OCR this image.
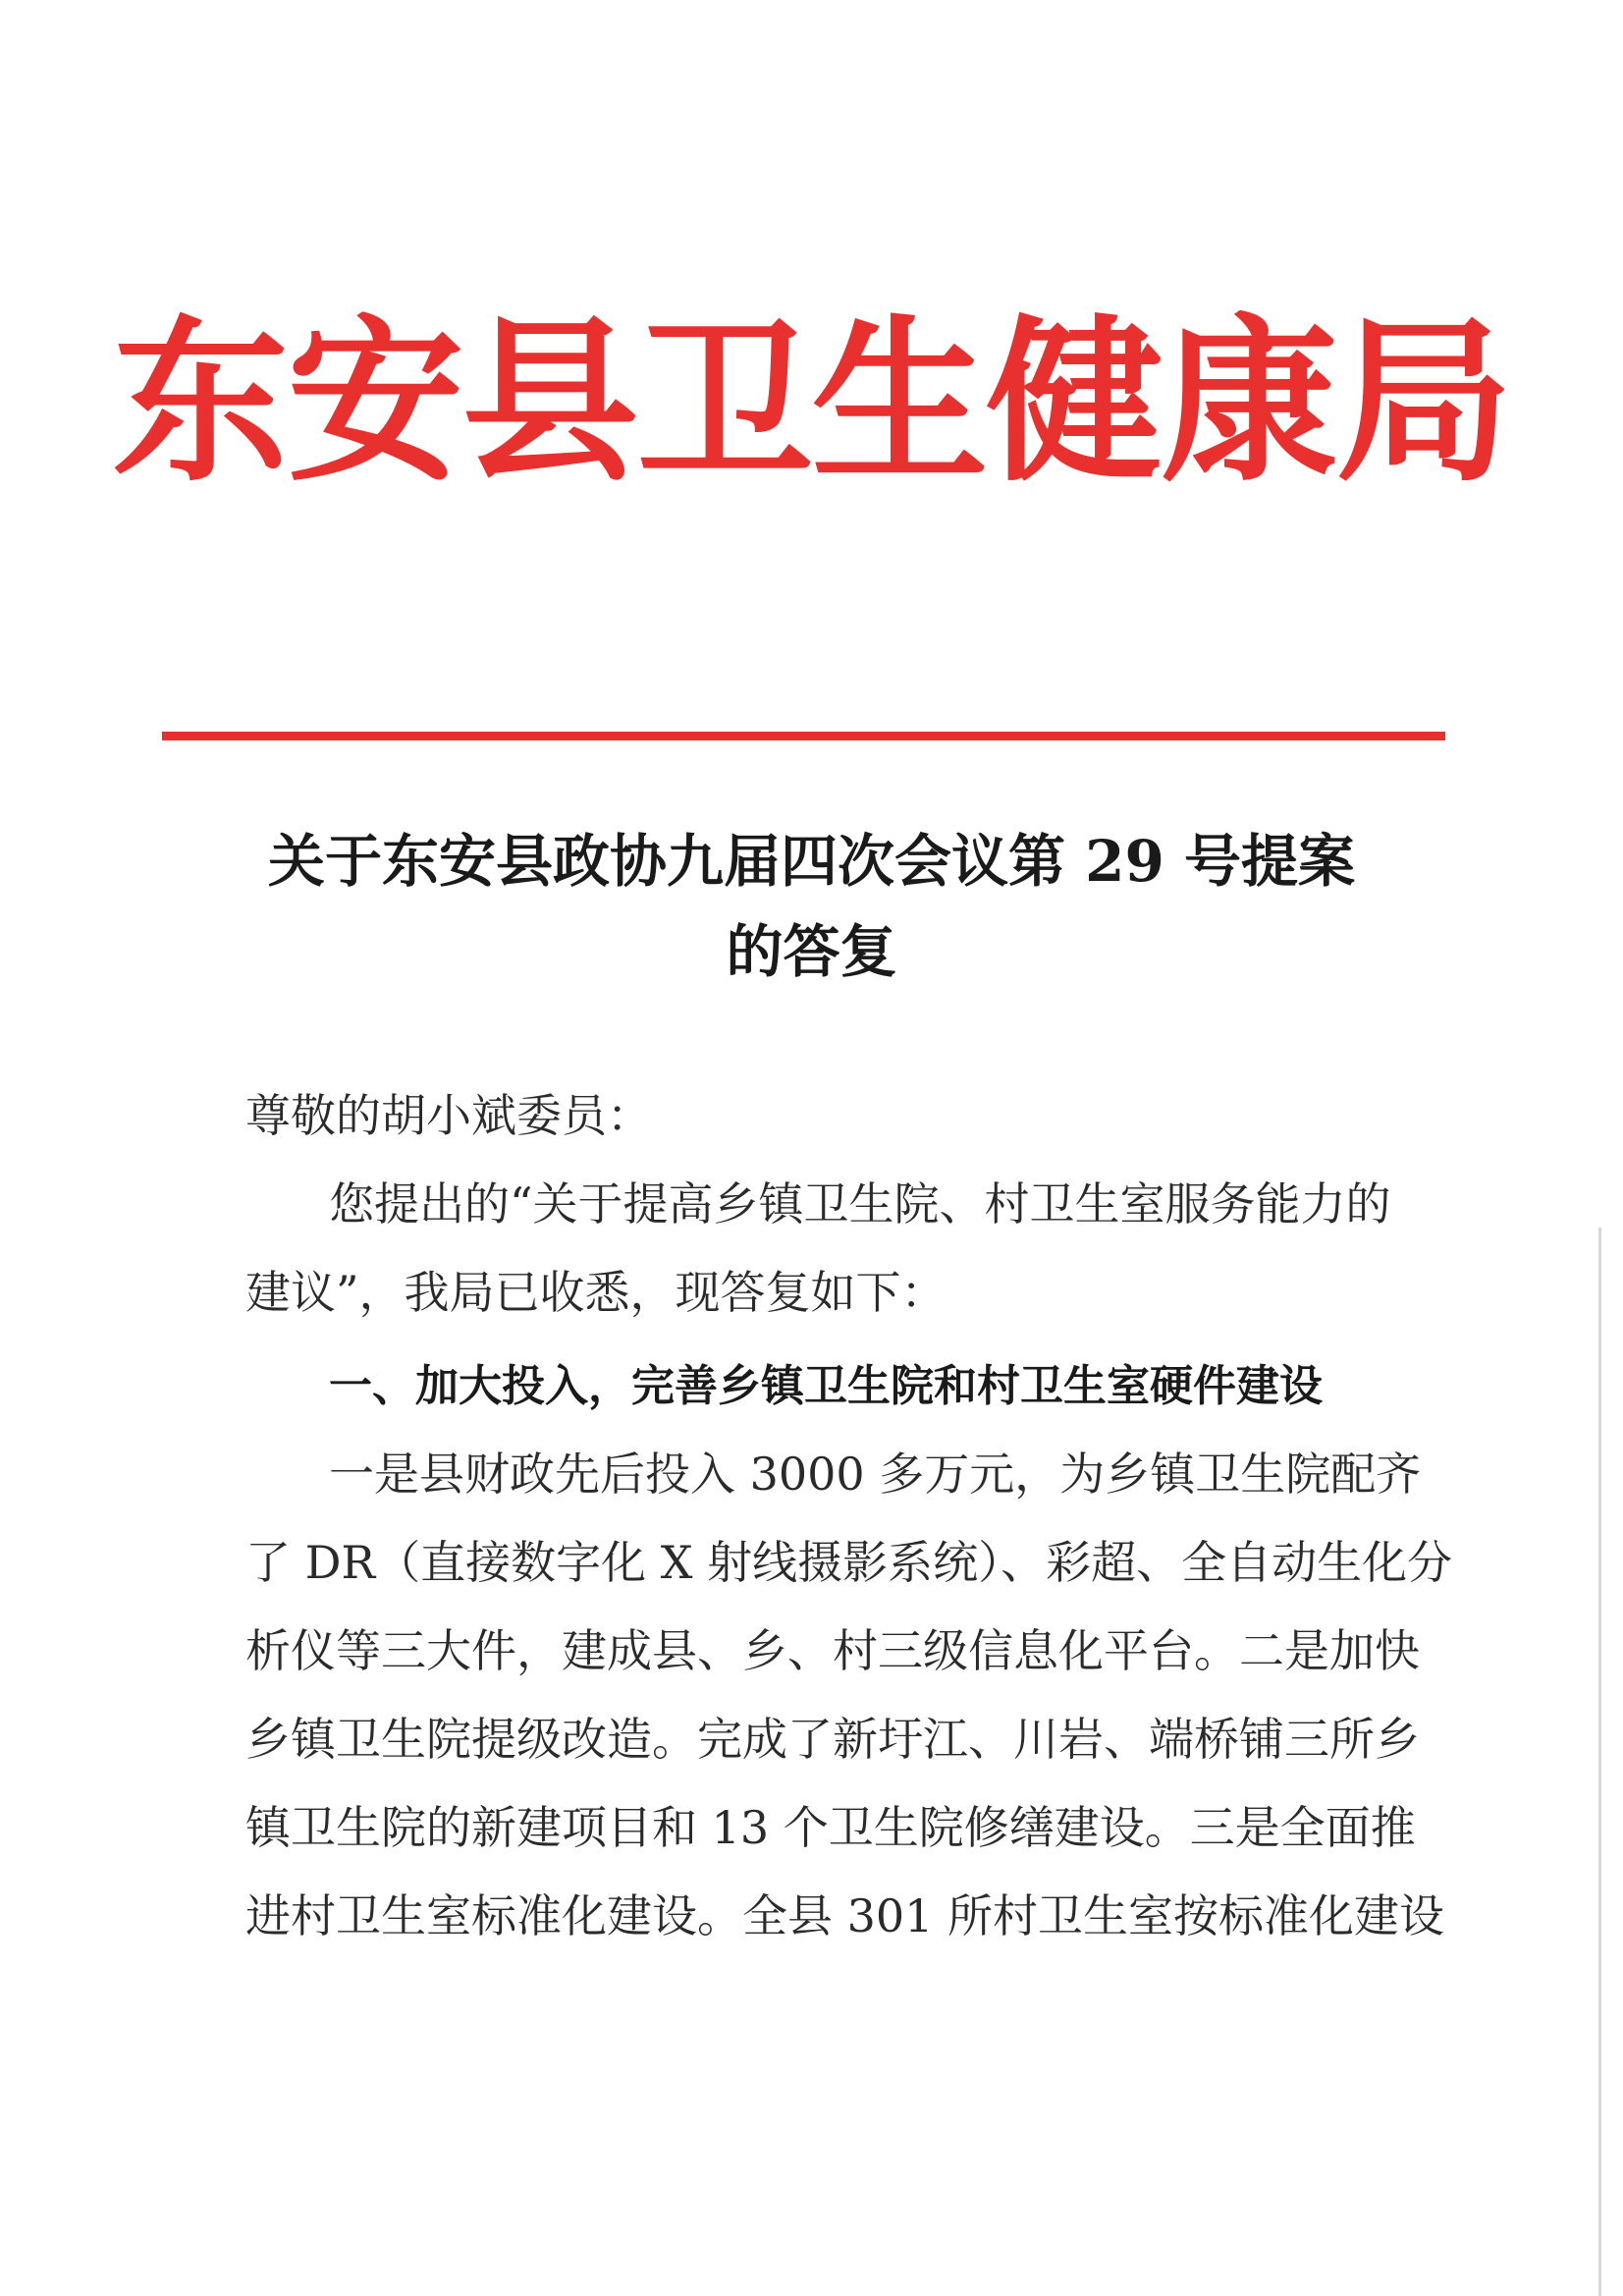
东安县卫生健康局
关于东安县政协九届四次会议第 29 号提案
的答复
尊敬的胡小斌委员：
您提出的“关于提高乡镇卫生院、村卫生室服务能力的
建议”，我局已收悉，现答复如下：
一、加大投入，完善乡镇卫生院和村卫生室硬件建设
一是县财政先后投入 3000 多万元，为乡镇卫生院配齐
了 DR（直接数字化 X 射线摄影系统）、彩超、全自动生化分
析仪等三大件，建成县、乡、村三级信息化平台。二是加快
乡镇卫生院提级改造。完成了新圩江、川岩、端桥铺三所乡
镇卫生院的新建项目和 13 个卫生院修缮建设。三是全面推
进村卫生室标准化建设。全县 301 所村卫生室按标准化建设
